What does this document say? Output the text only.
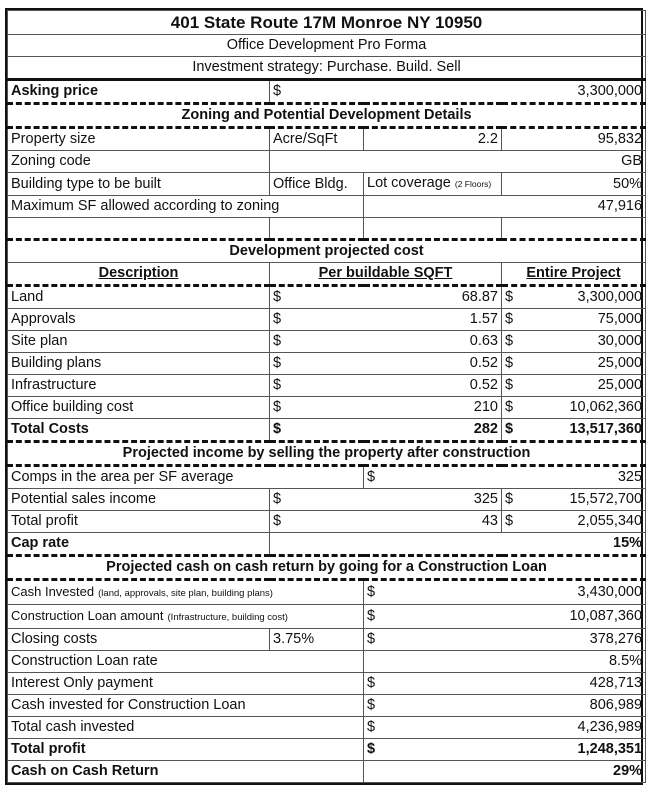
401 State Route 17M Monroe NY 10950			
Office Development Pro Forma			
Investment strategy: Purchase. Build. Sell			
Asking price	$ 3,300,000		

Zoning and Potential Development Details			
Property size	Acre/SqFt	2.2	95,832
Zoning code	GB		
Building type to be built	Office Bldg.	Lot coverage (2 Floors)	50%
Maximum SF allowed according to zoning		47,916	

Development projected cost			
Description	Per buildable SQFT		Entire Project
Land	$ 68.87		$ 3,300,000

Approvals	$ 1.57		$ 75,000

Site plan	$ 0.63		$ 30,000

Building plans	$ 0.52		$ 25,000

Infrastructure	$ 0.52		$ 25,000

Office building cost	$ 210		$ 10,062,360

Total Costs	$ 282		$ 13,517,360

Projected income by selling the property after construction			
Comps in the area per SF average		$ 325	

Potential sales income	$ 325		$ 15,572,700

Total profit	$ 43		$ 2,055,340

Cap rate	15%		
Projected cash on cash return by going for a Construction Loan			
Cash Invested (land, approvals, site plan, building plans)		$ 3,430,000	

Construction Loan amount (Infrastructure, building cost)		$ 10,087,360	

Closing costs	3.75%	$ 378,276	

Construction Loan rate		8.5%	
Interest Only payment		$ 428,713	

Cash invested for Construction Loan		$ 806,989	

Total cash invested		$ 4,236,989	

Total profit		$ 1,248,351	

Cash on Cash Return		29%	
